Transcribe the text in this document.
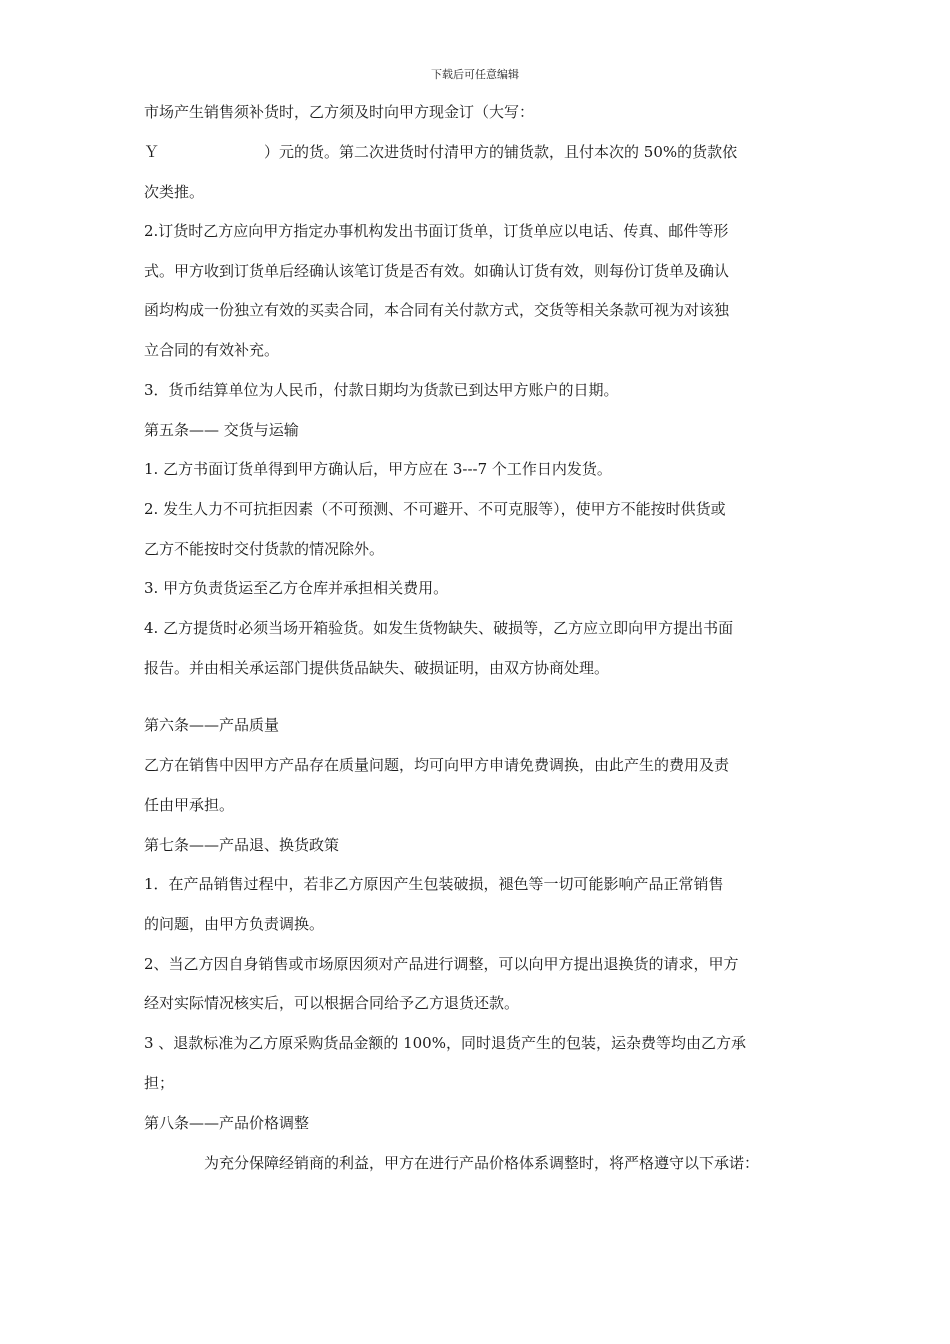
下载后可任意编辑
市场产生销售须补货时，乙方须及时向甲方现金订（大写：
Ｙ　　　　　　　）元的货。第二次进货时付清甲方的铺货款，且付本次的 50%的货款依
次类推。
2.订货时乙方应向甲方指定办事机构发出书面订货单，订货单应以电话、传真、邮件等形
式。甲方收到订货单后经确认该笔订货是否有效。如确认订货有效，则每份订货单及确认
函均构成一份独立有效的买卖合同，本合同有关付款方式，交货等相关条款可视为对该独
立合同的有效补充。
3．货币结算单位为人民币，付款日期均为货款已到达甲方账户的日期。
第五条—— 交货与运输
1. 乙方书面订货单得到甲方确认后，甲方应在 3---7 个工作日内发货。
2. 发生人力不可抗拒因素（不可预测、不可避开、不可克服等），使甲方不能按时供货或
乙方不能按时交付货款的情况除外。
3. 甲方负责货运至乙方仓库并承担相关费用。
4. 乙方提货时必须当场开箱验货。如发生货物缺失、破损等，乙方应立即向甲方提出书面
报告。并由相关承运部门提供货品缺失、破损证明，由双方协商处理。
第六条——产品质量
乙方在销售中因甲方产品存在质量问题，均可向甲方申请免费调换，由此产生的费用及责
任由甲承担。
第七条——产品退、换货政策
1．在产品销售过程中，若非乙方原因产生包装破损，褪色等一切可能影响产品正常销售
的问题，由甲方负责调换。
2、当乙方因自身销售或市场原因须对产品进行调整，可以向甲方提出退换货的请求，甲方
经对实际情况核实后，可以根据合同给予乙方退货还款。
3 、退款标准为乙方原采购货品金额的 100%，同时退货产生的包装，运杂费等均由乙方承
担；
第八条——产品价格调整
　　　　为充分保障经销商的利益，甲方在进行产品价格体系调整时，将严格遵守以下承诺：
